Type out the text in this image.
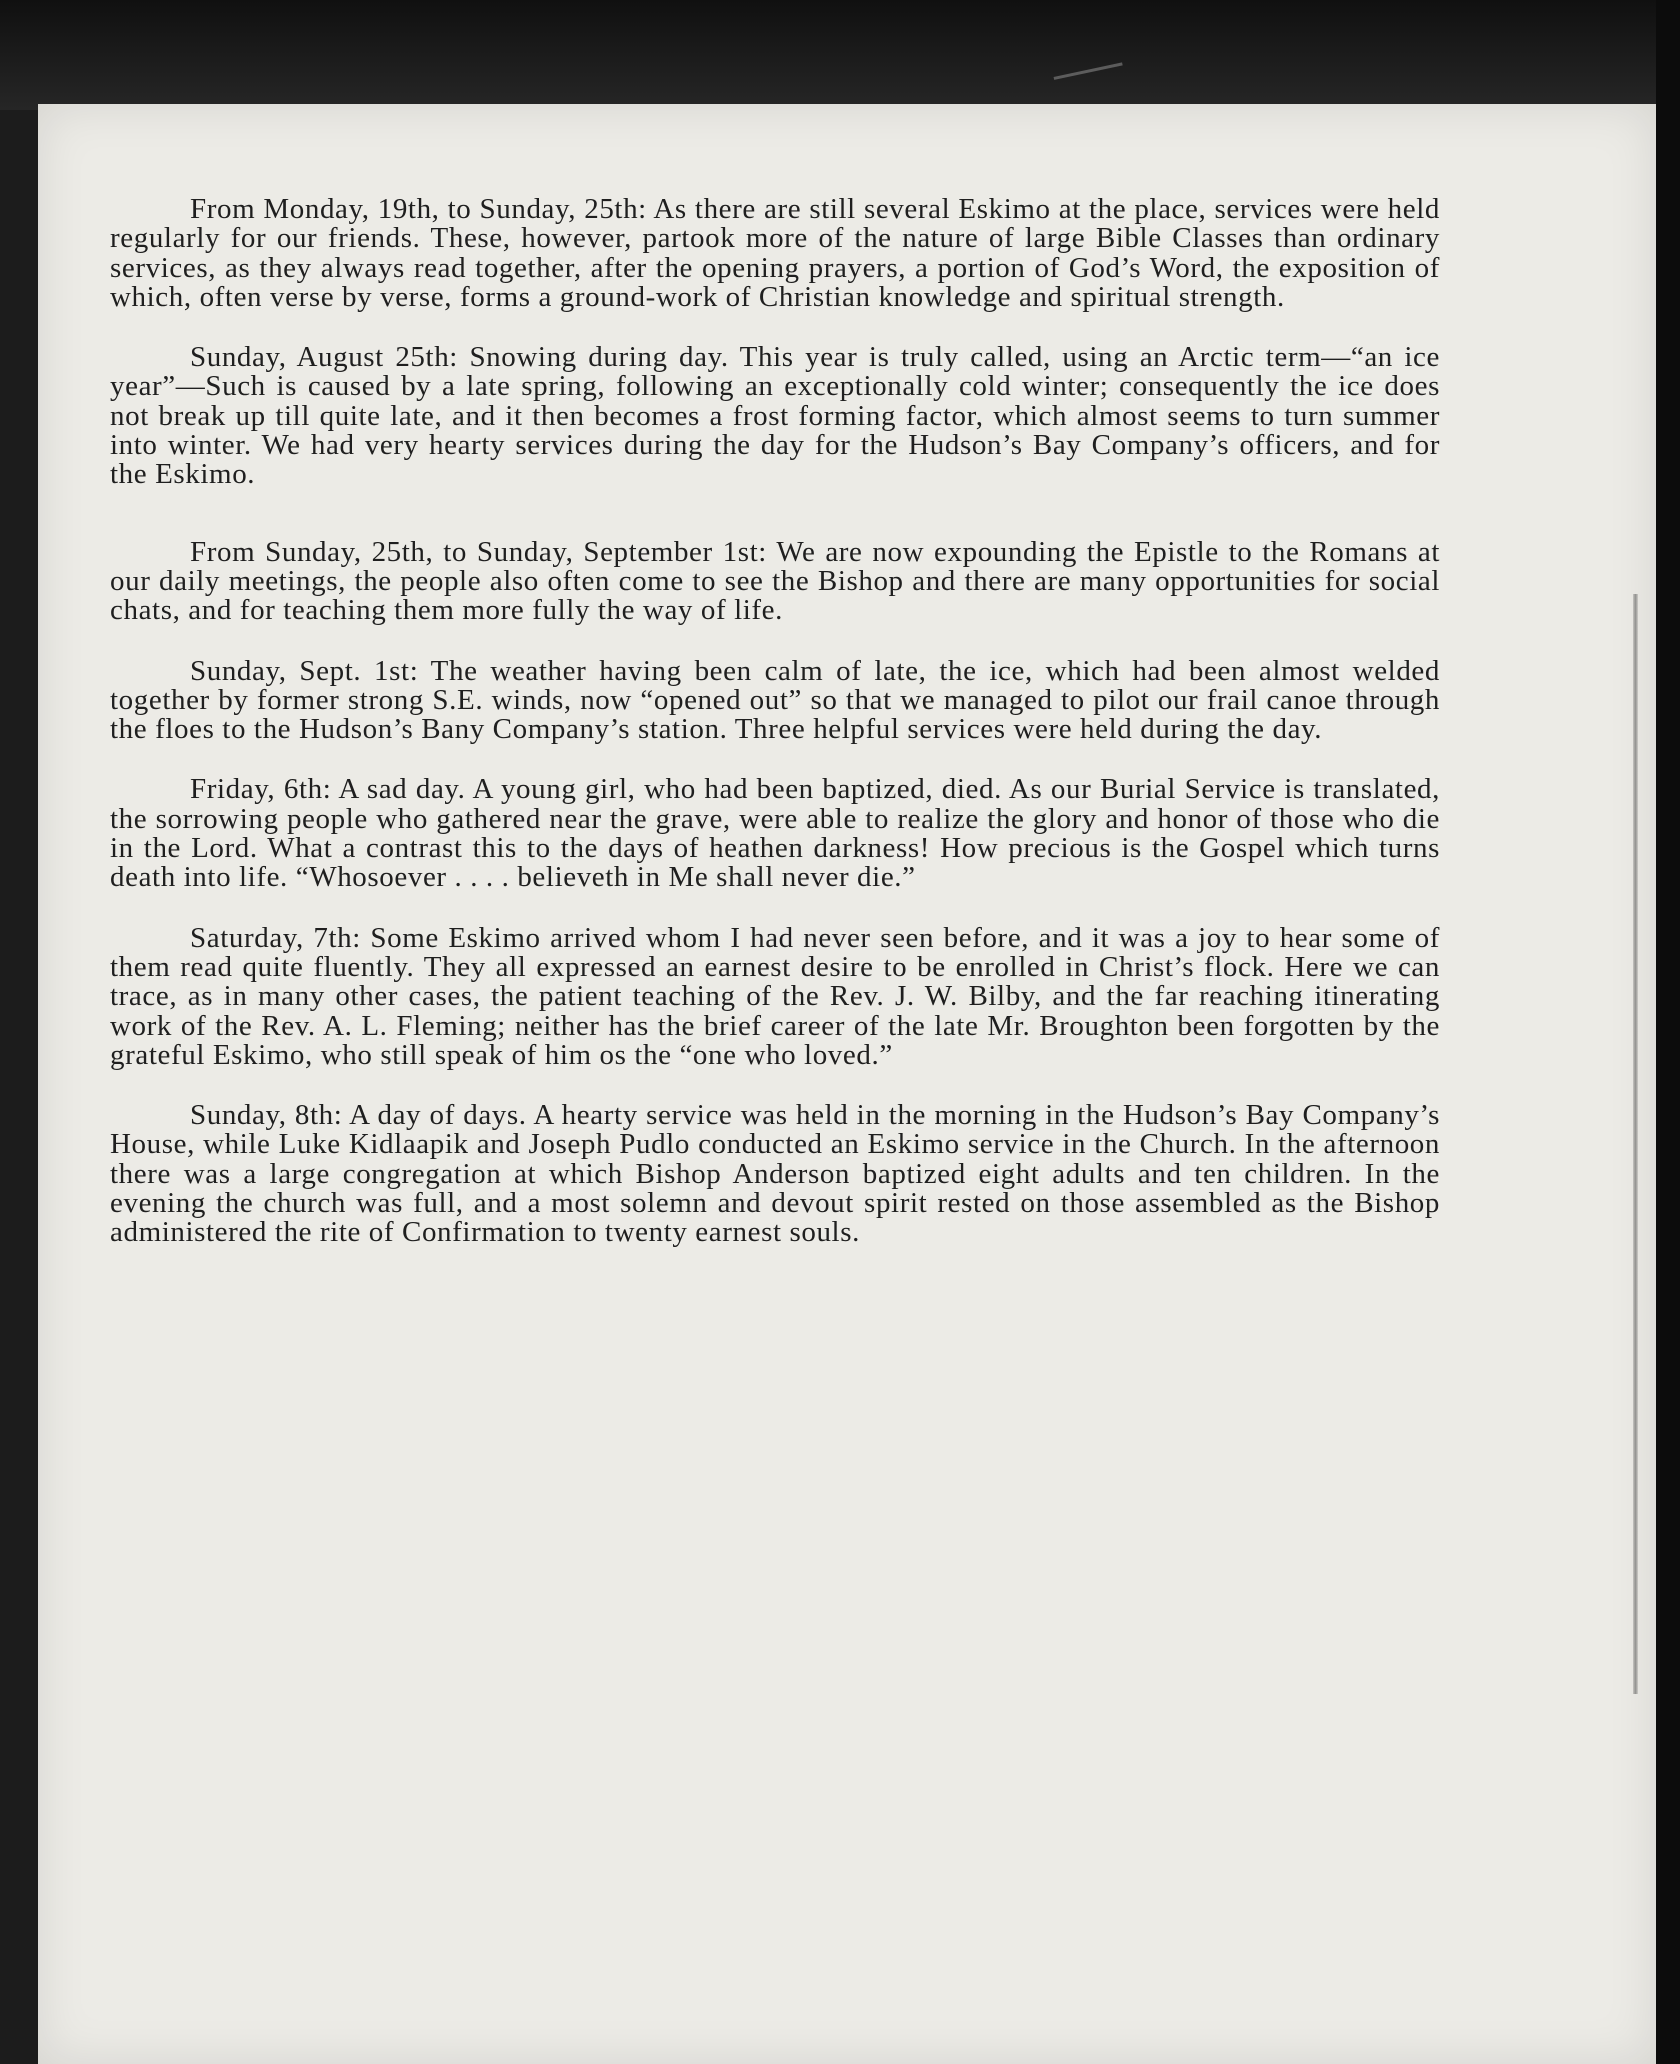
From Monday, 19th, to Sunday, 25th: As there are still several Eskimo at the place, services were held regularly for our friends. These, however, partook more of the nature of large Bible Classes than ordinary services, as they always read together, after the opening prayers, a portion of God’s Word, the exposition of which, often verse by verse, forms a ground-work of Christian knowledge and spiritual strength.

Sunday, August 25th: Snowing during day. This year is truly called, using an Arctic term—“an ice year”—Such is caused by a late spring, following an exceptionally cold winter; consequently the ice does not break up till quite late, and it then becomes a frost forming factor, which almost seems to turn summer into winter. We had very hearty services during the day for the Hudson’s Bay Company’s officers, and for the Eskimo.

From Sunday, 25th, to Sunday, September 1st: We are now expounding the Epistle to the Romans at our daily meetings, the people also often come to see the Bishop and there are many opportunities for social chats, and for teaching them more fully the way of life.

Sunday, Sept. 1st: The weather having been calm of late, the ice, which had been almost welded together by former strong S.E. winds, now “opened out” so that we managed to pilot our frail canoe through the floes to the Hudson’s Bany Company’s station. Three helpful services were held during the day.

Friday, 6th: A sad day. A young girl, who had been baptized, died. As our Burial Service is translated, the sorrowing people who gathered near the grave, were able to realize the glory and honor of those who die in the Lord. What a contrast this to the days of heathen darkness! How precious is the Gospel which turns death into life. “Whosoever . . . . believeth in Me shall never die.”

Saturday, 7th: Some Eskimo arrived whom I had never seen before, and it was a joy to hear some of them read quite fluently. They all expressed an earnest desire to be enrolled in Christ’s flock. Here we can trace, as in many other cases, the patient teaching of the Rev. J. W. Bilby, and the far reaching itinerating work of the Rev. A. L. Fleming; neither has the brief career of the late Mr. Broughton been forgotten by the grateful Eskimo, who still speak of him os the “one who loved.”

Sunday, 8th: A day of days. A hearty service was held in the morning in the Hudson’s Bay Company’s House, while Luke Kidlaapik and Joseph Pudlo conducted an Eskimo service in the Church. In the afternoon there was a large congregation at which Bishop Anderson baptized eight adults and ten children. In the evening the church was full, and a most solemn and devout spirit rested on those assembled as the Bishop administered the rite of Confirmation to twenty earnest souls.
